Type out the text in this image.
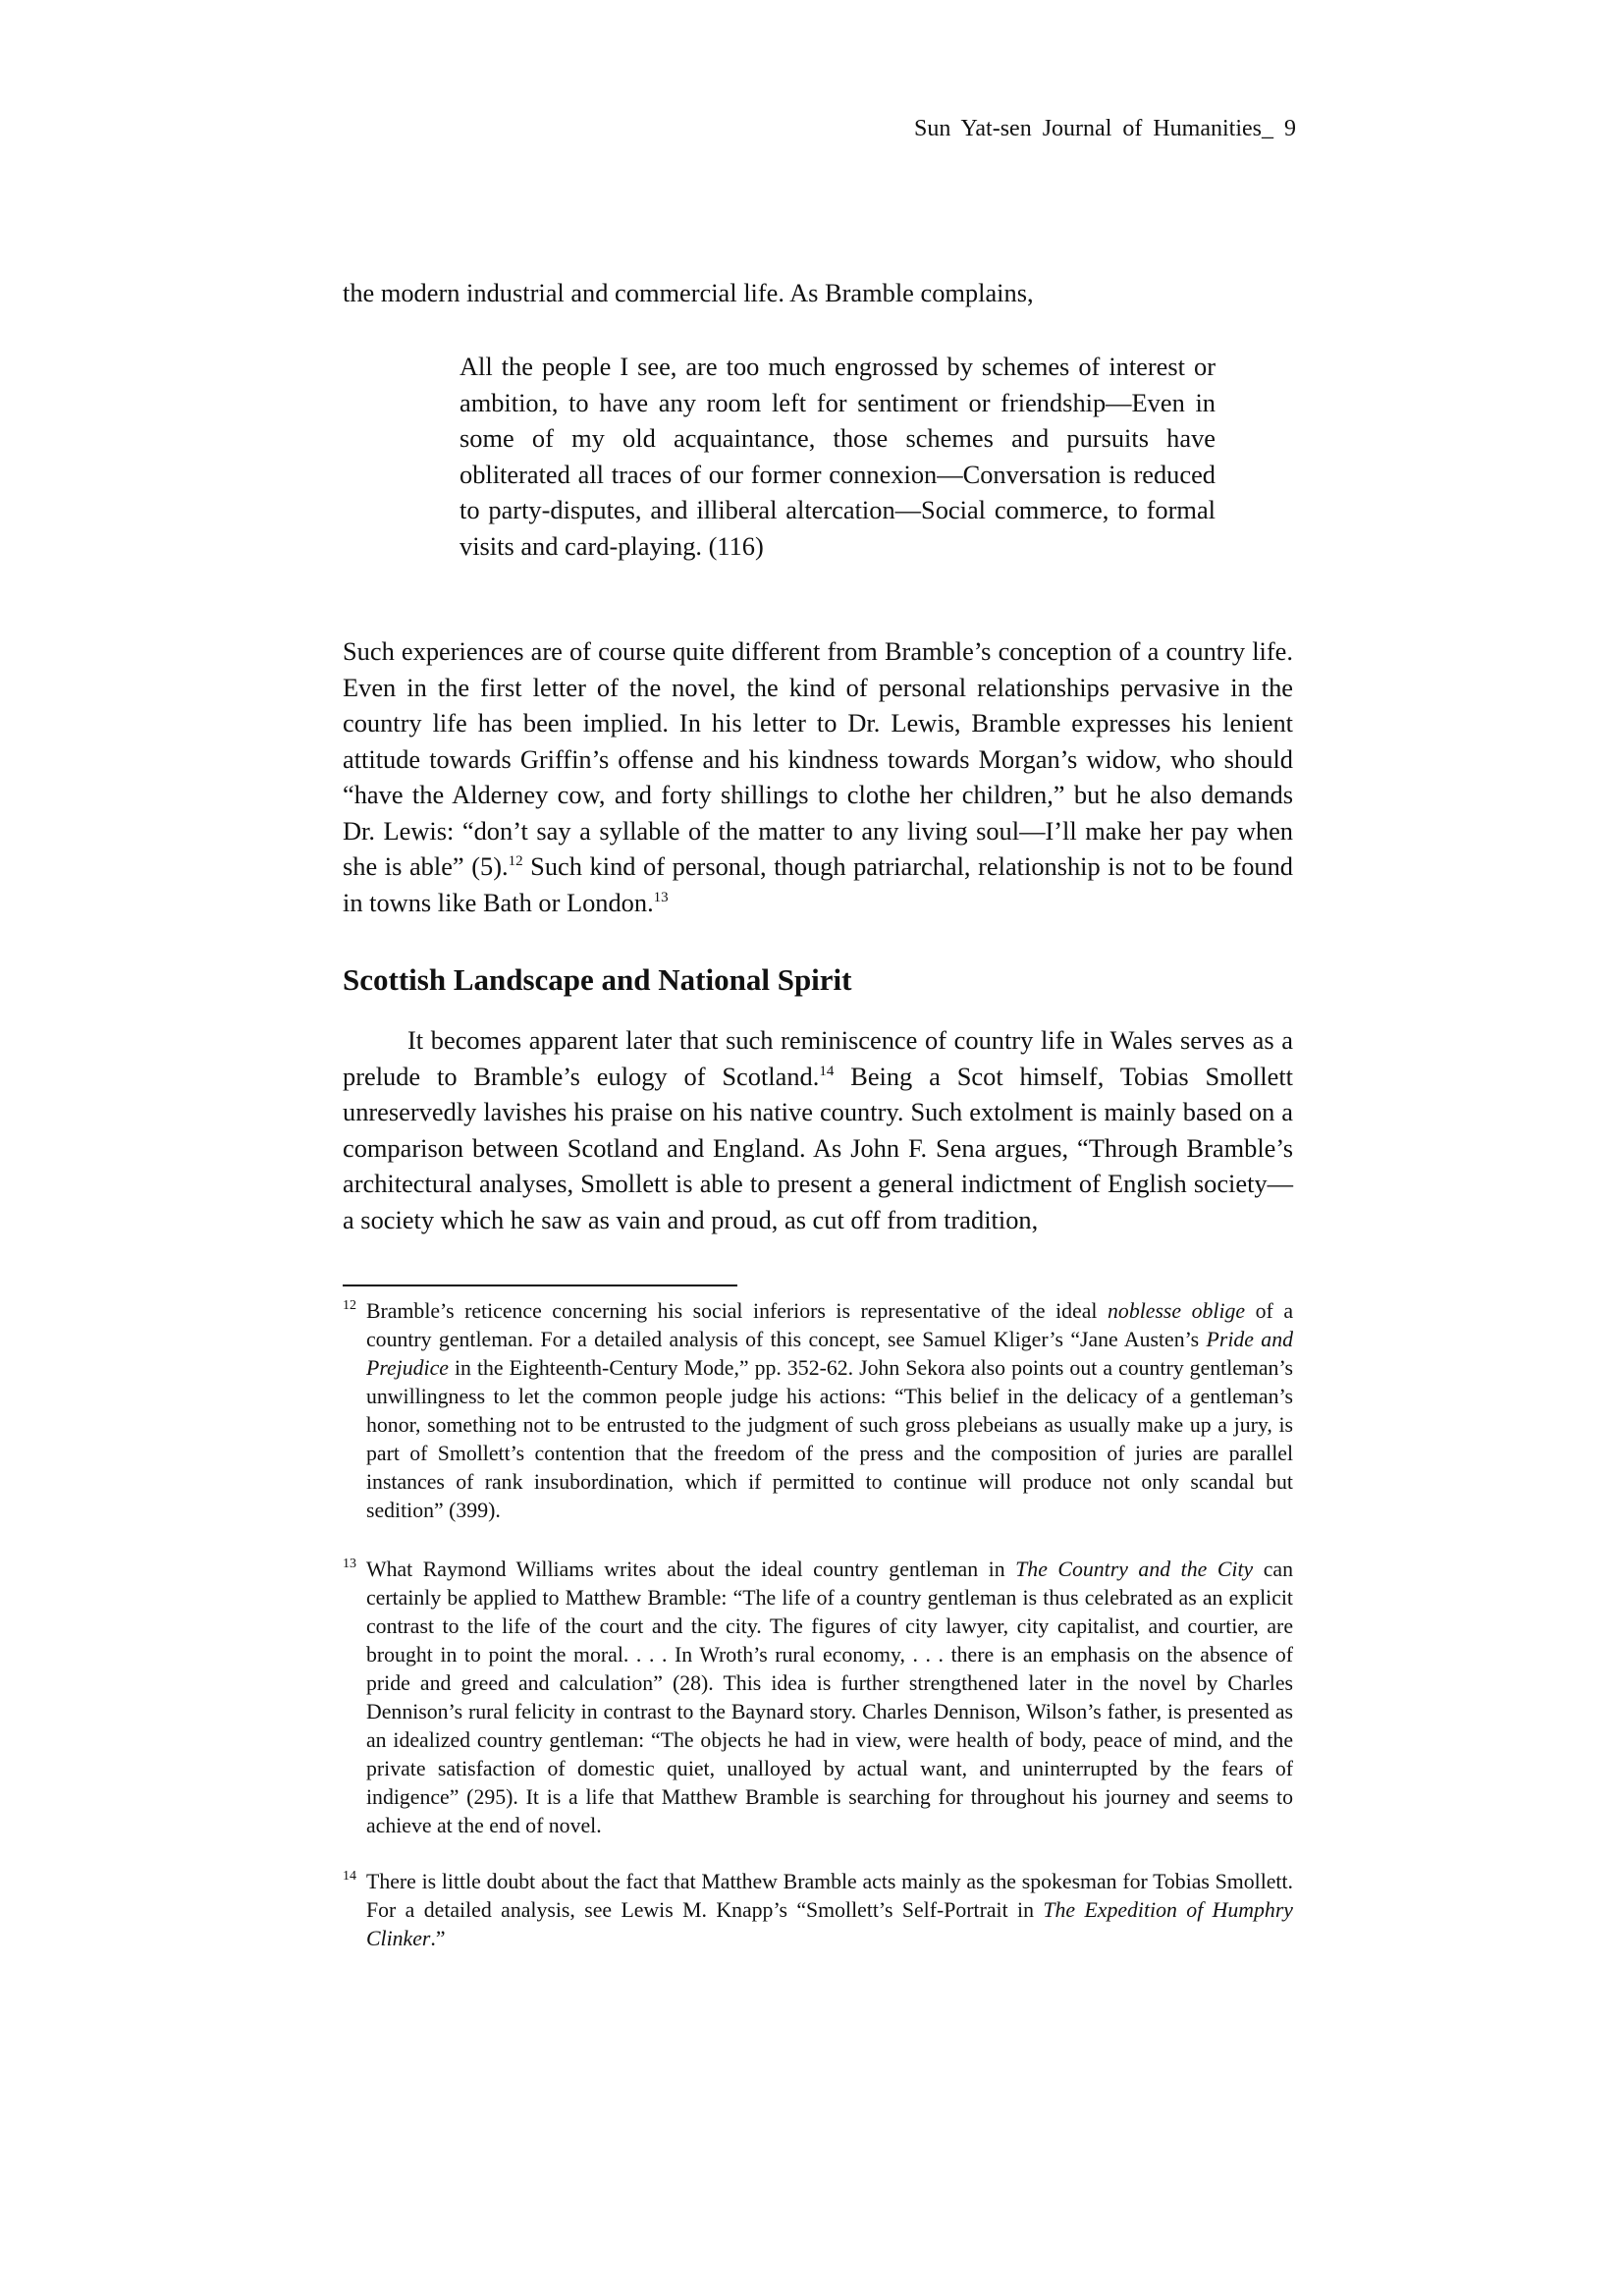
Sun Yat-sen Journal of Humanities_ 9
the modern industrial and commercial life. As Bramble complains,
All the people I see, are too much engrossed by schemes of interest or ambition, to have any room left for sentiment or friendship—Even in some of my old acquaintance, those schemes and pursuits have obliterated all traces of our former connexion—Conversation is reduced to party-disputes, and illiberal altercation—Social commerce, to formal visits and card-playing. (116)
Such experiences are of course quite different from Bramble’s conception of a country life. Even in the first letter of the novel, the kind of personal relationships pervasive in the country life has been implied. In his letter to Dr. Lewis, Bramble expresses his lenient attitude towards Griffin’s offense and his kindness towards Morgan’s widow, who should “have the Alderney cow, and forty shillings to clothe her children,” but he also demands Dr. Lewis: “don’t say a syllable of the matter to any living soul—I’ll make her pay when she is able” (5).$^{12}$ Such kind of personal, though patriarchal, relationship is not to be found in towns like Bath or London.$^{13}$
Scottish Landscape and National Spirit
It becomes apparent later that such reminiscence of country life in Wales serves as a prelude to Bramble’s eulogy of Scotland.$^{14}$ Being a Scot himself, Tobias Smollett unreservedly lavishes his praise on his native country. Such extolment is mainly based on a comparison between Scotland and England. As John F. Sena argues, “Through Bramble’s architectural analyses, Smollett is able to present a general indictment of English society—a society which he saw as vain and proud, as cut off from tradition,
12 Bramble’s reticence concerning his social inferiors is representative of the ideal noblesse oblige of a country gentleman. For a detailed analysis of this concept, see Samuel Kliger’s “Jane Austen’s Pride and Prejudice in the Eighteenth-Century Mode,” pp. 352-62. John Sekora also points out a country gentleman’s unwillingness to let the common people judge his actions: “This belief in the delicacy of a gentleman’s honor, something not to be entrusted to the judgment of such gross plebeians as usually make up a jury, is part of Smollett’s contention that the freedom of the press and the composition of juries are parallel instances of rank insubordination, which if permitted to continue will produce not only scandal but sedition” (399).
13 What Raymond Williams writes about the ideal country gentleman in The Country and the City can certainly be applied to Matthew Bramble: “The life of a country gentleman is thus celebrated as an explicit contrast to the life of the court and the city. The figures of city lawyer, city capitalist, and courtier, are brought in to point the moral. . . . In Wroth’s rural economy, . . . there is an emphasis on the absence of pride and greed and calculation” (28). This idea is further strengthened later in the novel by Charles Dennison’s rural felicity in contrast to the Baynard story. Charles Dennison, Wilson’s father, is presented as an idealized country gentleman: “The objects he had in view, were health of body, peace of mind, and the private satisfaction of domestic quiet, unalloyed by actual want, and uninterrupted by the fears of indigence” (295). It is a life that Matthew Bramble is searching for throughout his journey and seems to achieve at the end of novel.
14 There is little doubt about the fact that Matthew Bramble acts mainly as the spokesman for Tobias Smollett. For a detailed analysis, see Lewis M. Knapp’s “Smollett’s Self-Portrait in The Expedition of Humphry Clinker.”
